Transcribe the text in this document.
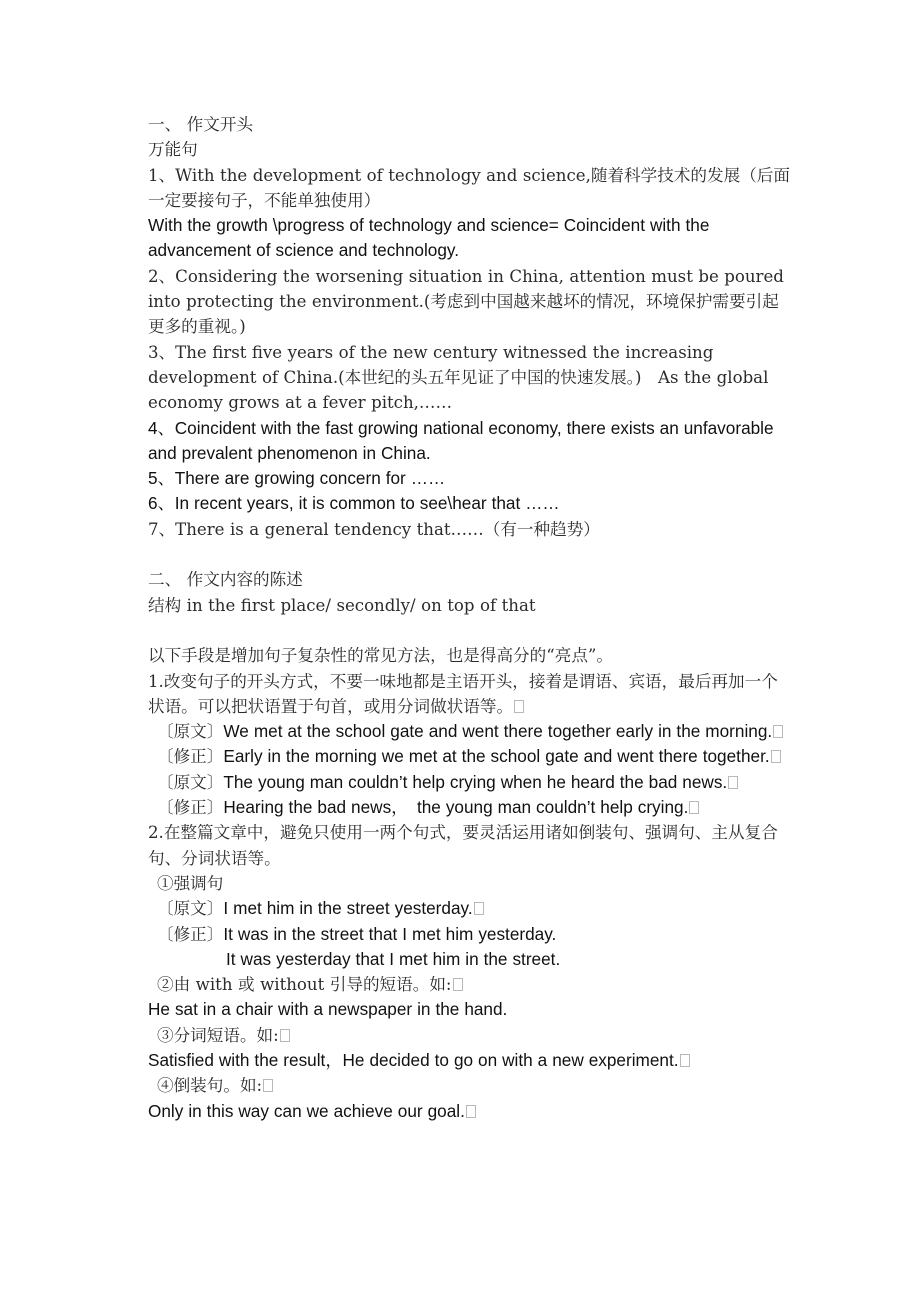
一、 作文开头

万能句

1、With the development of technology and science,随着科学技术的发展（后面一定要接句子，不能单独使用）

With the growth \progress of technology and science= Coincident with the advancement of science and technology.

2、Considering the worsening situation in China, attention must be poured into protecting the environment.(考虑到中国越来越坏的情况，环境保护需要引起更多的重视。)

3、The first five years of the new century witnessed the increasing development of China.(本世纪的头五年见证了中国的快速发展。)　As the global economy grows at a fever pitch,……

4、Coincident with the fast growing national economy, there exists an unfavorable and prevalent phenomenon in China.

5、There are growing concern for ……

6、In recent years, it is common to see\hear that ……

7、There is a general tendency that……（有一种趋势）

二、 作文内容的陈述

结构 in the first place/ secondly/ on top of that

以下手段是增加句子复杂性的常见方法，也是得高分的“亮点”。

1.改变句子的开头方式，不要一味地都是主语开头，接着是谓语、宾语，最后再加一个状语。可以把状语置于句首，或用分词做状语等。

〔原文〕We met at the school gate and went there together early in the morning.

〔修正〕Early in the morning we met at the school gate and went there together.

〔原文〕The young man couldn’t help crying when he heard the bad news.

〔修正〕Hearing the bad news，　the young man couldn’t help crying.

2.在整篇文章中，避免只使用一两个句式，要灵活运用诸如倒装句、强调句、主从复合句、分词状语等。

①强调句

〔原文〕I met him in the street yesterday.

〔修正〕It was in the street that I met him yesterday.

It was yesterday that I met him in the street.

②由 with 或 without 引导的短语。如:

He sat in a chair with a newspaper in the hand.

③分词短语。如:

Satisfied with the result，He decided to go on with a new experiment.

④倒装句。如:

Only in this way can we achieve our goal.
